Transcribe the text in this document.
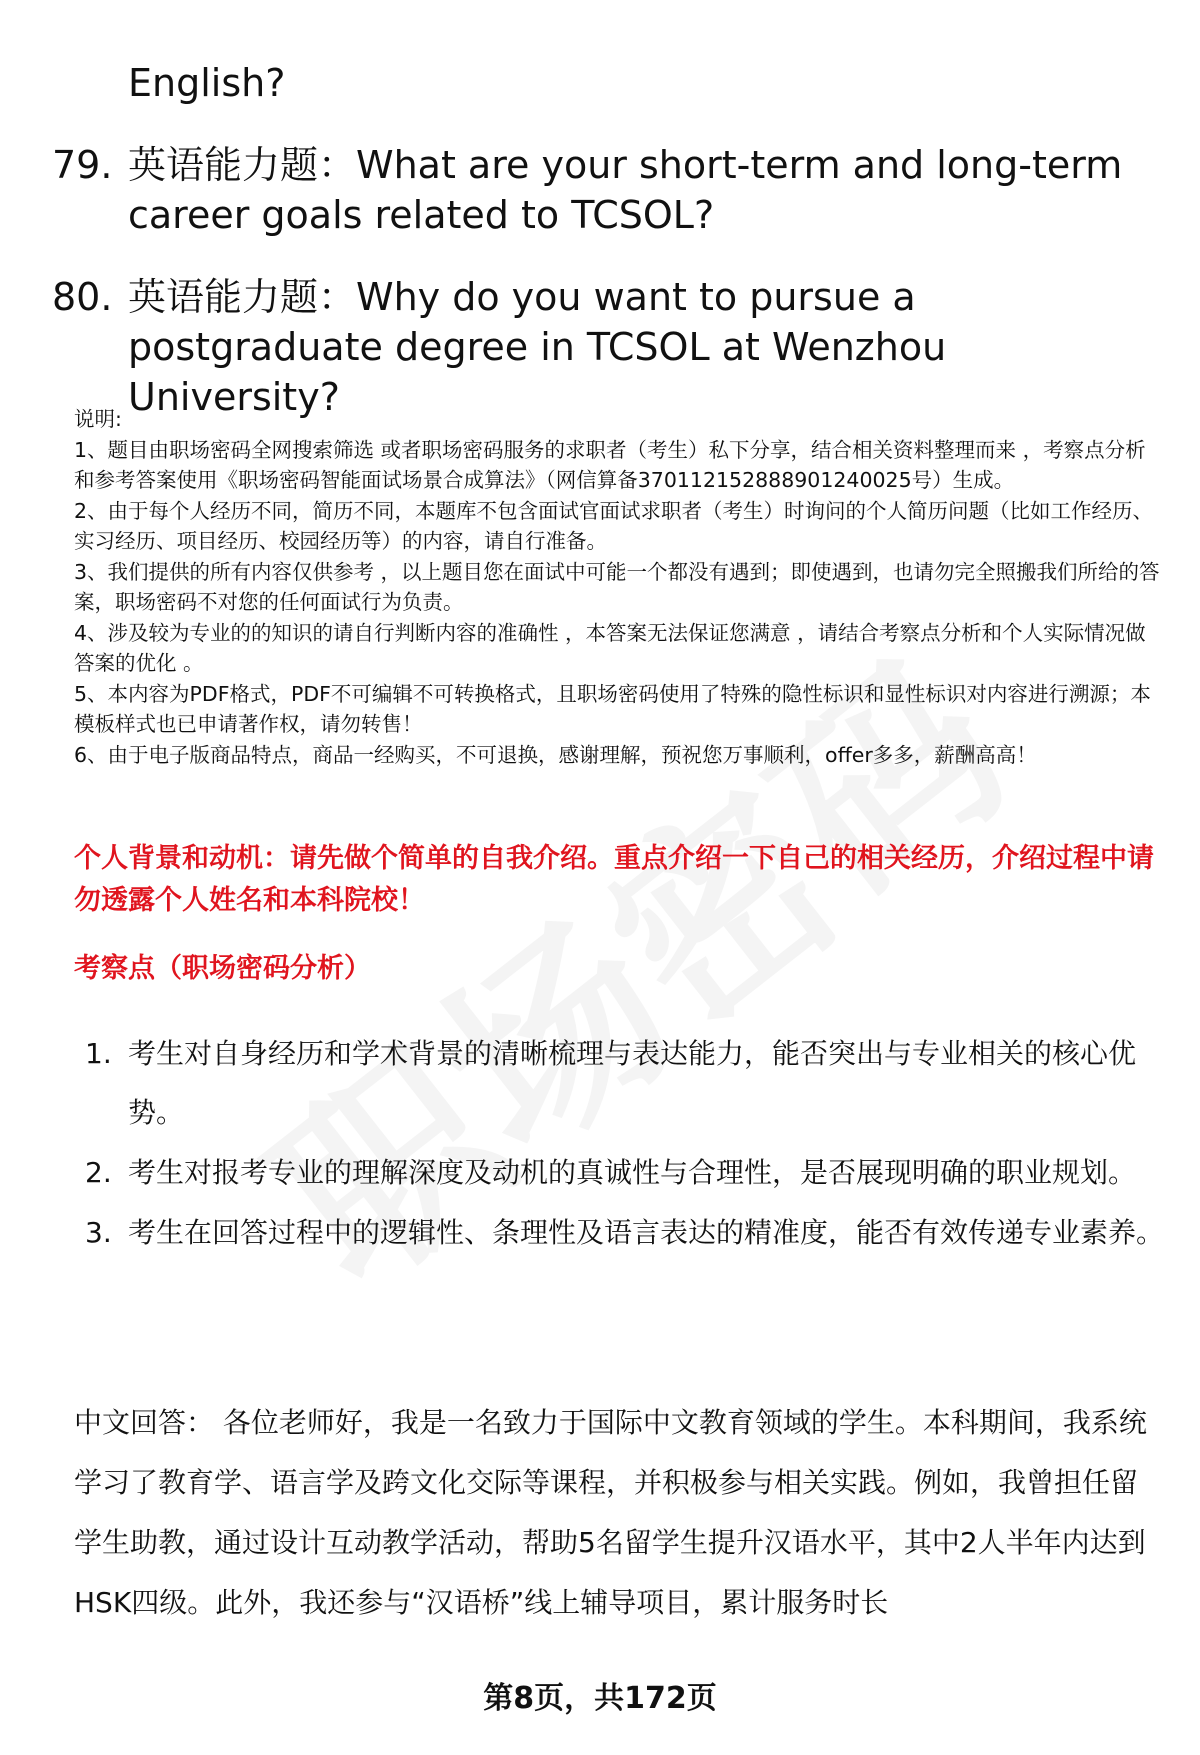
English?
79. 英语能力题：What are your short-term and long-term career goals related to TCSOL?
80. 英语能力题：Why do you want to pursue a postgraduate degree in TCSOL at Wenzhou University?

说明:

1、题目由职场密码全网搜索筛选 或者职场密码服务的求职者（考生）私下分享，结合相关资料整理而来 ，考察点分析和参考答案使用《职场密码智能面试场景合成算法》（网信算备370112152888901240025号）生成。

2、由于每个人经历不同，简历不同，本题库不包含面试官面试求职者（考生）时询问的个人简历问题（比如工作经历、实习经历、项目经历、校园经历等）的内容，请自行准备。

3、我们提供的所有内容仅供参考 ，以上题目您在面试中可能一个都没有遇到；即使遇到，也请勿完全照搬我们所给的答案，职场密码不对您的任何面试行为负责。

4、涉及较为专业的的知识的请自行判断内容的准确性 ，本答案无法保证您满意 ，请结合考察点分析和个人实际情况做答案的优化 。

5、本内容为PDF格式，PDF不可编辑不可转换格式，且职场密码使用了特殊的隐性标识和显性标识对内容进行溯源；本模板样式也已申请著作权，请勿转售！

6、由于电子版商品特点，商品一经购买，不可退换，感谢理解，预祝您万事顺利，offer多多，薪酬高高！

个人背景和动机：请先做个简单的自我介绍。重点介绍一下自己的相关经历，介绍过程中请勿透露个人姓名和本科院校！
考察点（职场密码分析）
1. 考生对自身经历和学术背景的清晰梳理与表达能力，能否突出与专业相关的核心优势。
2. 考生对报考专业的理解深度及动机的真诚性与合理性，是否展现明确的职业规划。
3. 考生在回答过程中的逻辑性、条理性及语言表达的精准度，能否有效传递专业素养。

中文回答： 各位老师好，我是一名致力于国际中文教育领域的学生。本科期间，我系统学习了教育学、语言学及跨文化交际等课程，并积极参与相关实践。例如，我曾担任留学生助教，通过设计互动教学活动，帮助5名留学生提升汉语水平，其中2人半年内达到HSK四级。此外，我还参与“汉语桥”线上辅导项目，累计服务时长

第8页，共172页
